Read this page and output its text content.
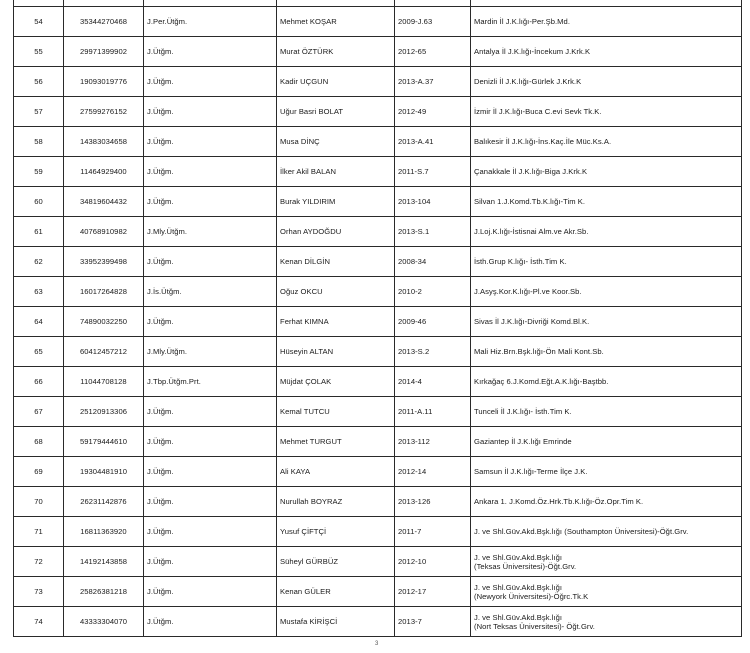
54	35344270468	J.Per.Ütğm.	Mehmet KOŞAR	2009-J.63	Mardin İl J.K.lığı-Per.Şb.Md.

55	29971399902	J.Ütğm.	Murat ÖZTÜRK	2012-65	Antalya İl J.K.lığı-İncekum J.Krk.K

56	19093019776	J.Ütğm.	Kadir UÇGUN	2013-A.37	Denizli İl J.K.lığı-Gürlek J.Krk.K

57	27599276152	J.Ütğm.	Uğur Basri BOLAT	2012-49	İzmir İl J.K.lığı-Buca C.evi Sevk Tk.K.

58	14383034658	J.Ütğm.	Musa DİNÇ	2013-A.41	Balıkesir İl J.K.lığı-İns.Kaç.İle Müc.Ks.A.

59	11464929400	J.Ütğm.	İlker Akil BALAN	2011-S.7	Çanakkale İl J.K.lığı-Biga J.Krk.K

60	34819604432	J.Ütğm.	Burak YILDIRIM	2013-104	Silvan 1.J.Komd.Tb.K.lığı-Tim K.

61	40768910982	J.Mly.Ütğm.	Orhan AYDOĞDU	2013-S.1	J.Loj.K.lığı-İstisnai Alm.ve Akr.Sb.

62	33952399498	J.Ütğm.	Kenan DİLGİN	2008-34	İsth.Grup K.lığı- İsth.Tim K.

63	16017264828	J.İs.Ütğm.	Oğuz OKCU	2010-2	J.Asyş.Kor.K.lığı-Pl.ve Koor.Sb.

64	74890032250	J.Ütğm.	Ferhat KIMNA	2009-46	Sivas İl J.K.lığı-Divriği Komd.Bl.K.

65	60412457212	J.Mly.Ütğm.	Hüseyin ALTAN	2013-S.2	Mali Hiz.Brn.Bşk.lığı-Ön Mali Kont.Sb.

66	11044708128	J.Tbp.Ütğm.Prt.	Müjdat ÇOLAK	2014-4	Kırkağaç 6.J.Komd.Eğt.A.K.lığı-Baştbb.

67	25120913306	J.Ütğm.	Kemal TUTCU	2011-A.11	Tunceli İl J.K.lığı- İsth.Tim K.

68	59179444610	J.Ütğm.	Mehmet TURGUT	2013-112	Gaziantep İl J.K.lığı Emrinde

69	19304481910	J.Ütğm.	Ali KAYA	2012-14	Samsun İl J.K.lığı-Terme İlçe J.K.

70	26231142876	J.Ütğm.	Nurullah BOYRAZ	2013-126	Ankara 1. J.Komd.Öz.Hrk.Tb.K.lığı-Öz.Opr.Tim K.

71	16811363920	J.Ütğm.	Yusuf ÇİFTÇİ	2011-7	J. ve Shl.Güv.Akd.Bşk.lığı (Southampton Üniversitesi)-Öğt.Grv.

72	14192143858	J.Ütğm.	Süheyl GÜRBÜZ	2012-10	J. ve Shl.Güv.Akd.Bşk.lığı
(Teksas Üniversitesi)-Öğt.Grv.

73	25826381218	J.Ütğm.	Kenan GÜLER	2012-17	J. ve Shl.Güv.Akd.Bşk.lığı
(Newyork Üniversitesi)-Öğrc.Tk.K

74	43333304070	J.Ütğm.	Mustafa KİRİŞCİ	2013-7	J. ve Shl.Güv.Akd.Bşk.lığı
(Nort Teksas Üniversitesi)- Öğt.Grv.
3
